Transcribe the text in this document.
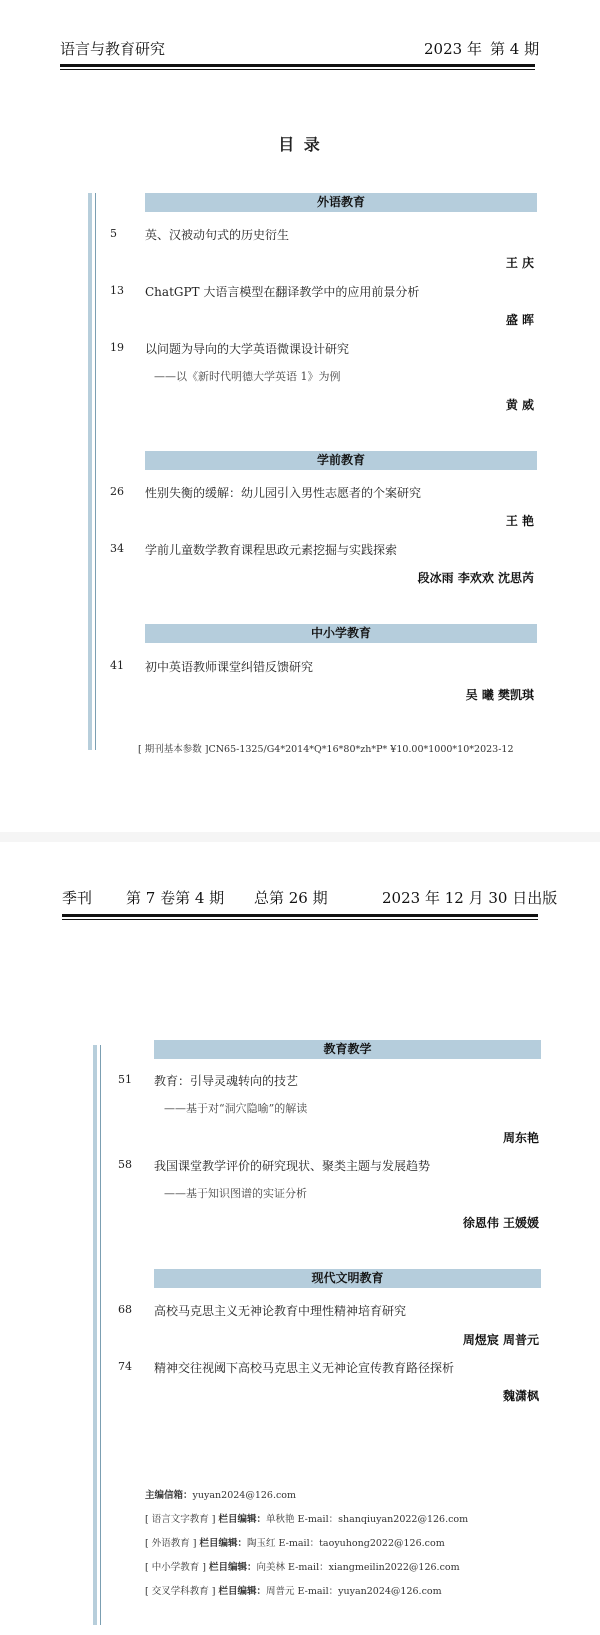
语言与教育研究	2023 年 第 4 期
目 录
外语教育
5 英、汉被动句式的历史衍生
王 庆
13 ChatGPT 大语言模型在翻译教学中的应用前景分析
盛 晖
19 以问题为导向的大学英语微课设计研究
——以《新时代明德大学英语 1》为例
黄 威
学前教育
26 性别失衡的缓解：幼儿园引入男性志愿者的个案研究
王 艳
34 学前儿童数学教育课程思政元素挖掘与实践探索
段冰雨 李欢欢 沈思芮
中小学教育
41 初中英语教师课堂纠错反馈研究
吴 曦 樊凯琪
[ 期刊基本参数 ]CN65-1325/G4*2014*Q*16*80*zh*P* ¥10.00*1000*10*2023-12
季刊 第 7 卷第 4 期 总第 26 期	2023 年 12 月 30 日出版
教育教学
51 教育：引导灵魂转向的技艺
——基于对“洞穴隐喻”的解读
周东艳
58 我国课堂教学评价的研究现状、聚类主题与发展趋势
——基于知识图谱的实证分析
徐恩伟 王媛媛
现代文明教育
68 高校马克思主义无神论教育中理性精神培育研究
周煜宸 周普元
74 精神交往视阈下高校马克思主义无神论宣传教育路径探析
魏潇枫
主编信箱：yuyan2024@126.com
[ 语言文字教育 ] 栏目编辑：单秋艳 E-mail：shanqiuyan2022@126.com
[ 外语教育 ] 栏目编辑：陶玉红 E-mail：taoyuhong2022@126.com
[ 中小学教育 ] 栏目编辑：向美林 E-mail：xiangmeilin2022@126.com
[ 交叉学科教育 ] 栏目编辑：周普元 E-mail：yuyan2024@126.com
